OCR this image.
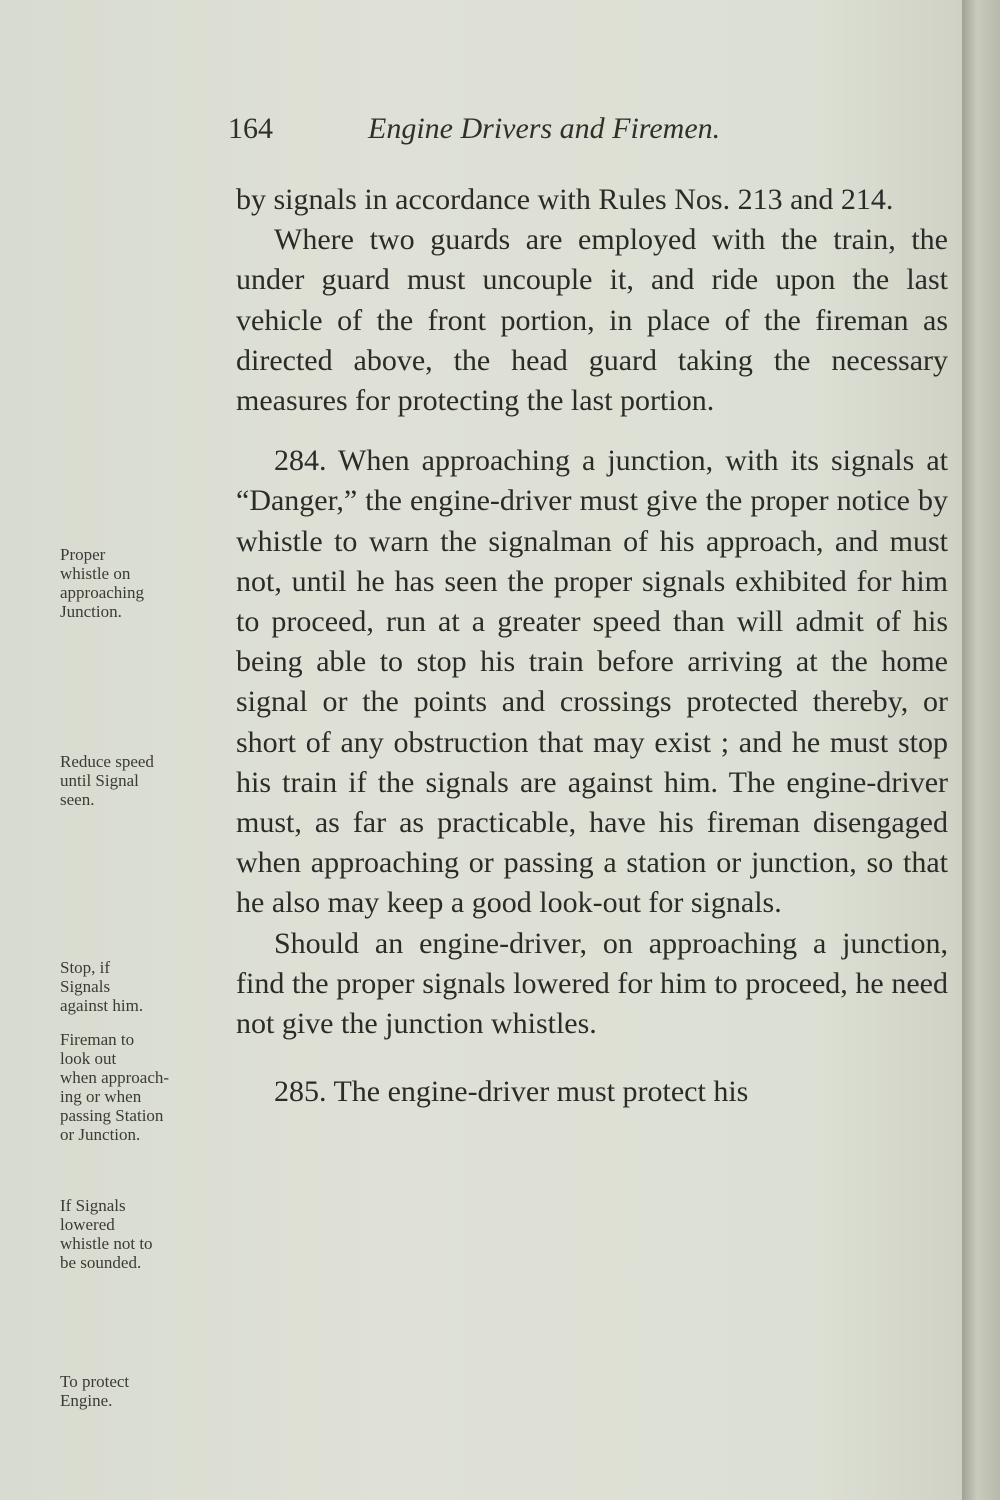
164	Engine Drivers and Firemen.

by signals in accordance with Rules Nos. 213 and 214.

Where two guards are employed with the train, the under guard must uncouple it, and ride upon the last vehicle of the front portion, in place of the fireman as directed above, the head guard taking the necessary measures for protecting the last portion.

284. When approaching a junction, with its signals at “Danger,” the engine-driver must give the proper notice by whistle to warn the signalman of his approach, and must not, until he has seen the proper signals exhibited for him to proceed, run at a greater speed than will admit of his being able to stop his train before arriving at the home signal or the points and crossings protected thereby, or short of any obstruction that may exist ; and he must stop his train if the signals are against him. The engine-driver must, as far as practicable, have his fireman disengaged when approaching or passing a station or junction, so that he also may keep a good look-out for signals.

Should an engine-driver, on approaching a junction, find the proper signals lowered for him to proceed, he need not give the junction whistles.

285. The engine-driver must protect his

Proper
whistle on
approaching
Junction.
Reduce speed
until Signal
seen.
Stop, if
Signals
against him.
Fireman to
look out
when approach-
ing or when
passing Station
or Junction.
If Signals
lowered
whistle not to
be sounded.
To protect
Engine.
